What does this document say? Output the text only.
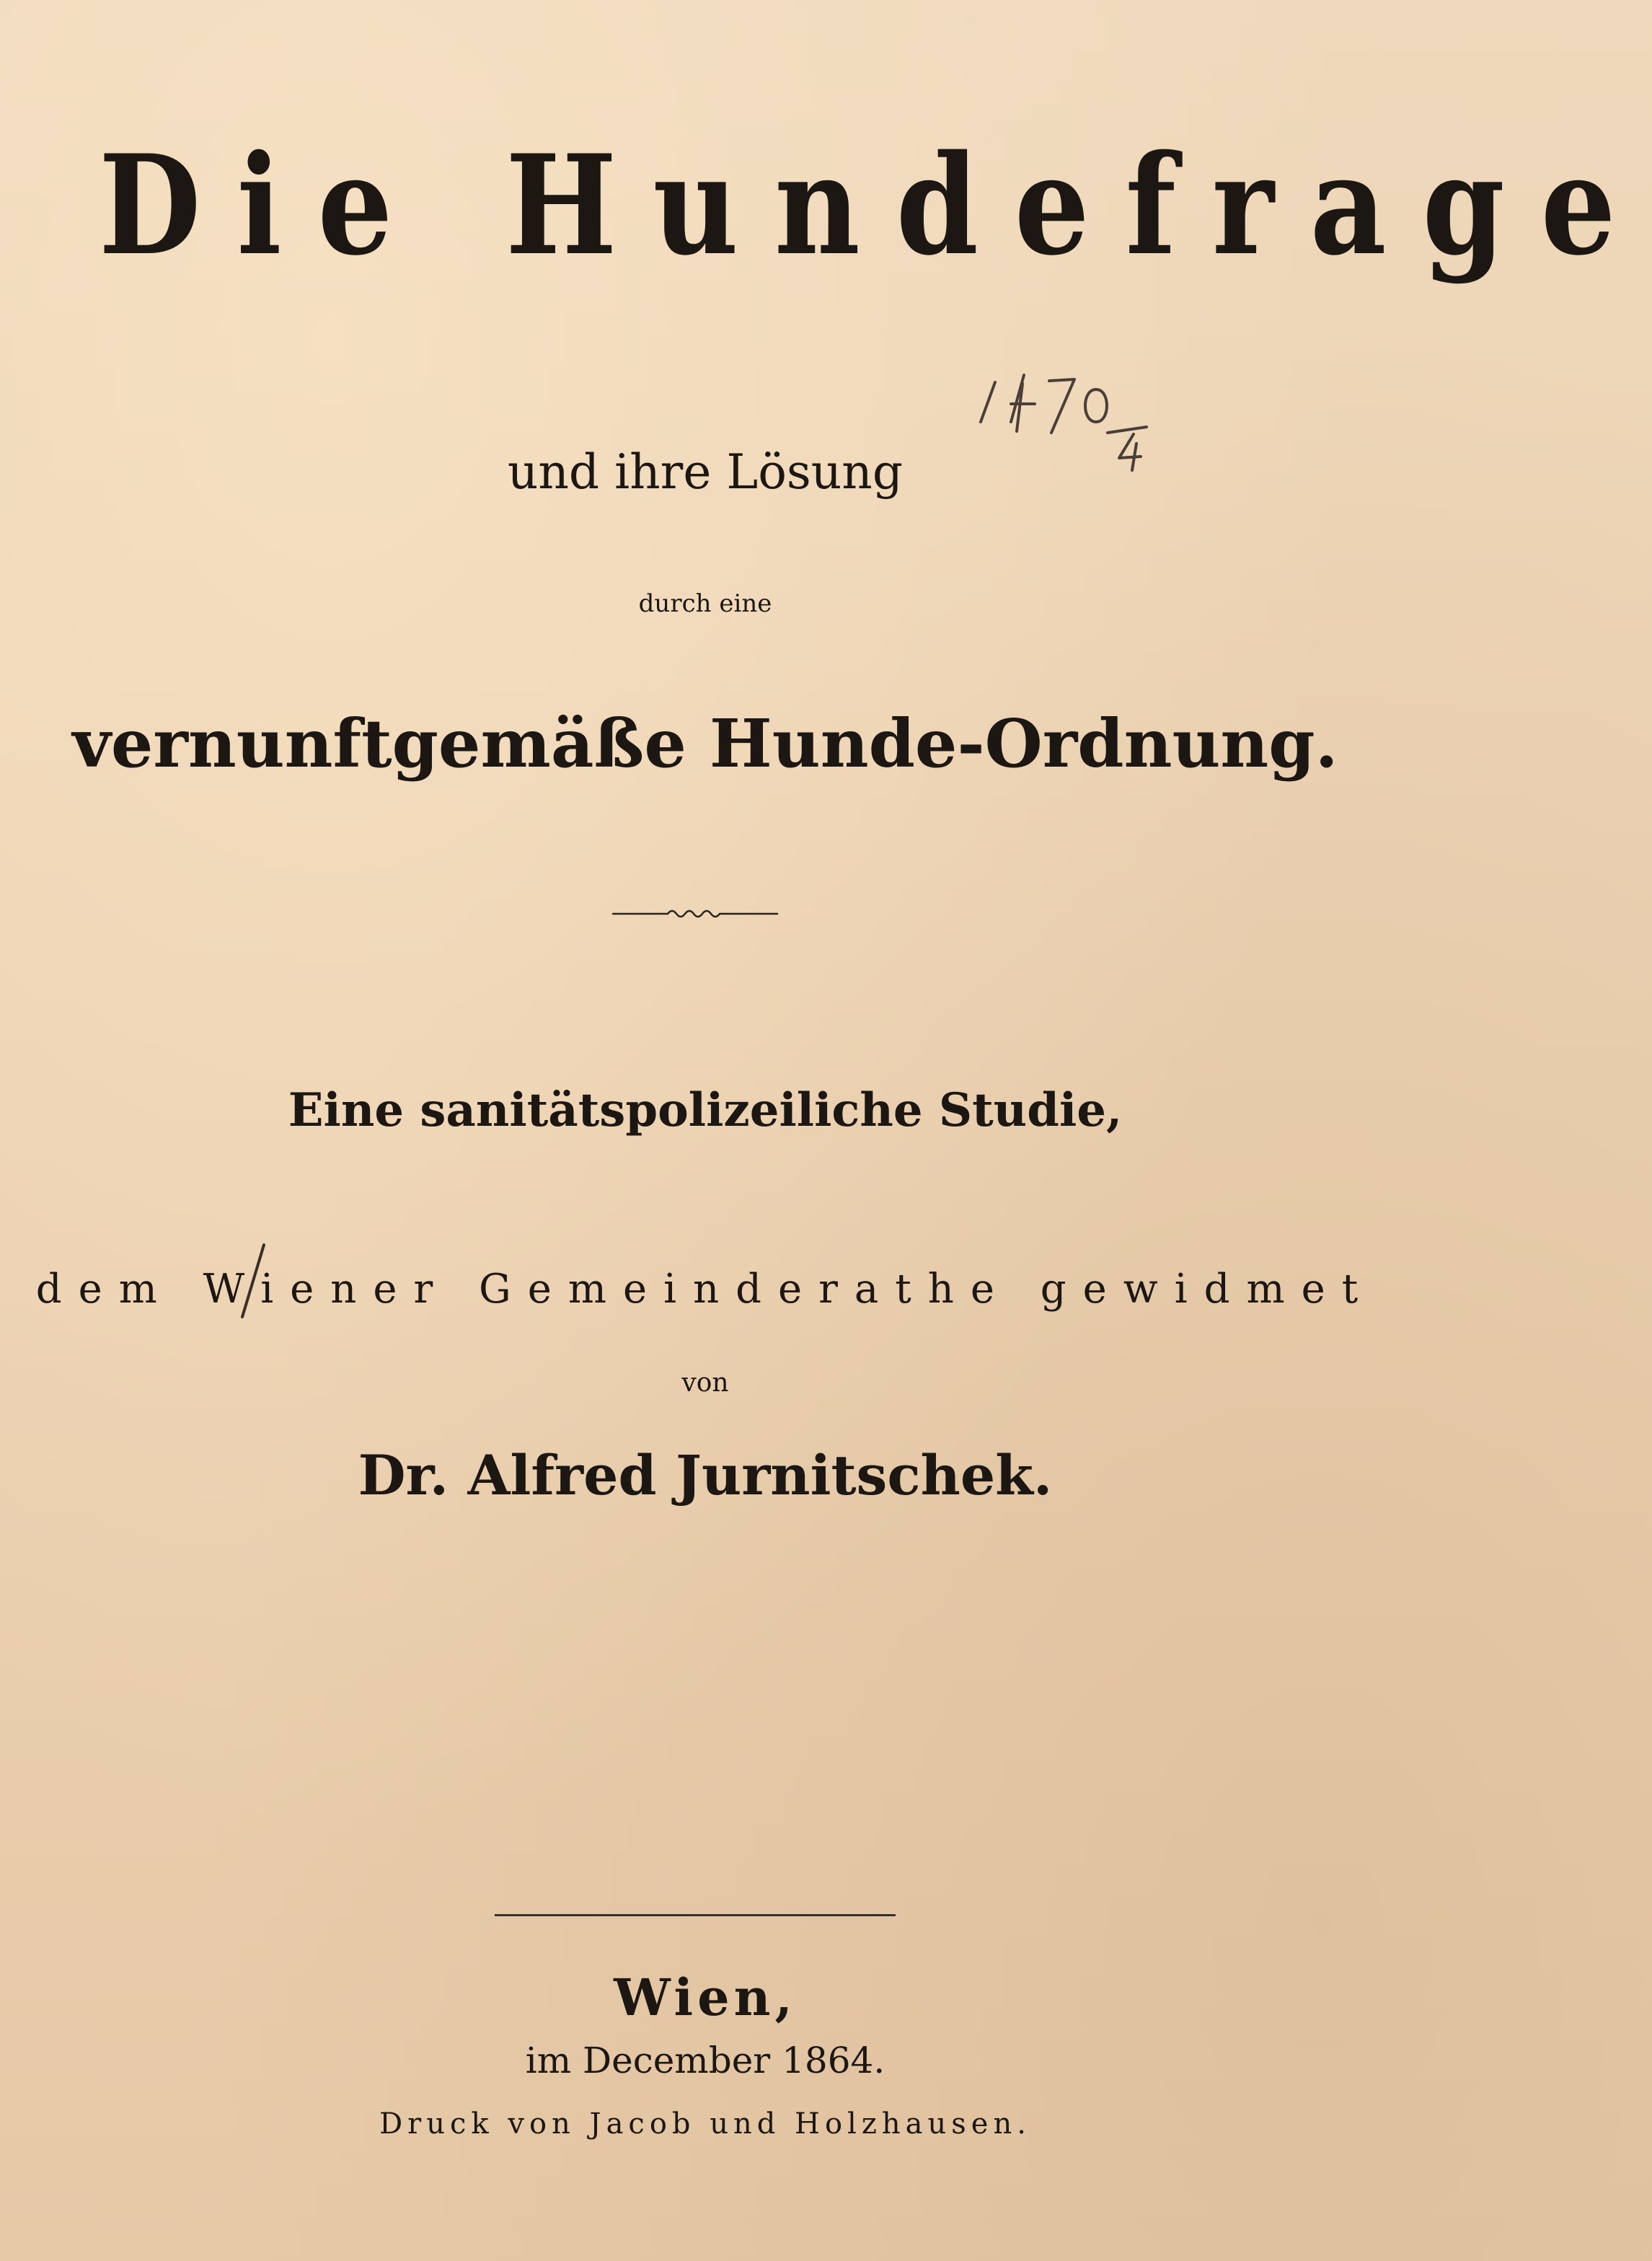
Die Hundefrage
1470/4
und ihre Lösung
durch eine
vernunftgemäße Hunde-Ordnung.
Eine sanitätspolizeiliche Studie,
dem Wiener Gemeinderathe gewidmet
von
Dr. Alfred Jurnitschek.
Wien,
im December 1864.
Druck von Jacob und Holzhausen.
